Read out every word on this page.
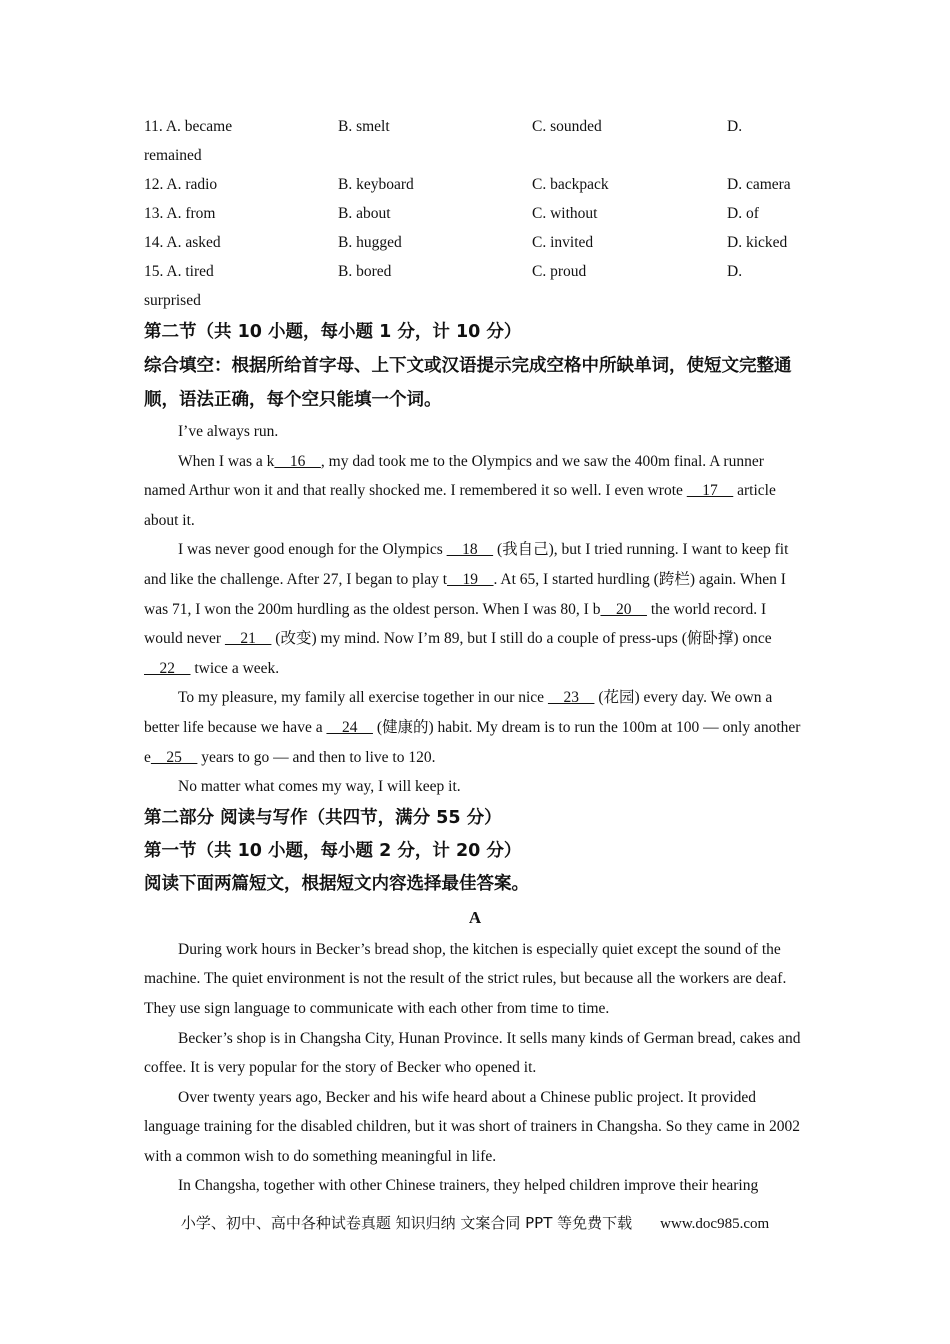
11. A. became	B. smelt	C. sounded	D.
remained
12. A. radio	B. keyboard	C. backpack	D. camera
13. A. from	B. about	C. without	D. of
14. A. asked	B. hugged	C. invited	D. kicked
15. A. tired	B. bored	C. proud	D.
surprised
第二节（共 10 小题，每小题 1 分，计 10 分）
综合填空：根据所给首字母、上下文或汉语提示完成空格中所缺单词，使短文完整通顺，语法正确，每个空只能填一个词。
I’ve always run.
When I was a k    16    , my dad took me to the Olympics and we saw the 400m final. A runner named Arthur won it and that really shocked me. I remembered it so well. I even wrote     17     article about it.
I was never good enough for the Olympics     18     (我自己), but I tried running. I want to keep fit and like the challenge. After 27, I began to play t    19    . At 65, I started hurdling (跨栏) again. When I was 71, I won the 200m hurdling as the oldest person. When I was 80, I b    20     the world record. I would never     21     (改变) my mind. Now I’m 89, but I still do a couple of press-ups (俯卧撑) once     22     twice a week.
To my pleasure, my family all exercise together in our nice     23     (花园) every day. We own a better life because we have a     24     (健康的) habit. My dream is to run the 100m at 100 — only another e    25     years to go — and then to live to 120.
No matter what comes my way, I will keep it.
第二部分 阅读与写作（共四节，满分 55 分）
第一节（共 10 小题，每小题 2 分，计 20 分）
阅读下面两篇短文，根据短文内容选择最佳答案。
A
During work hours in Becker’s bread shop, the kitchen is especially quiet except the sound of the machine. The quiet environment is not the result of the strict rules, but because all the workers are deaf. They use sign language to communicate with each other from time to time.
Becker’s shop is in Changsha City, Hunan Province. It sells many kinds of German bread, cakes and coffee. It is very popular for the story of Becker who opened it.
Over twenty years ago, Becker and his wife heard about a Chinese public project. It provided language training for the disabled children, but it was short of trainers in Changsha. So they came in 2002 with a common wish to do something meaningful in life.
In Changsha, together with other Chinese trainers, they helped children improve their hearing
小学、初中、高中各种试卷真题 知识归纳 文案合同 PPT 等免费下载 www.doc985.com
